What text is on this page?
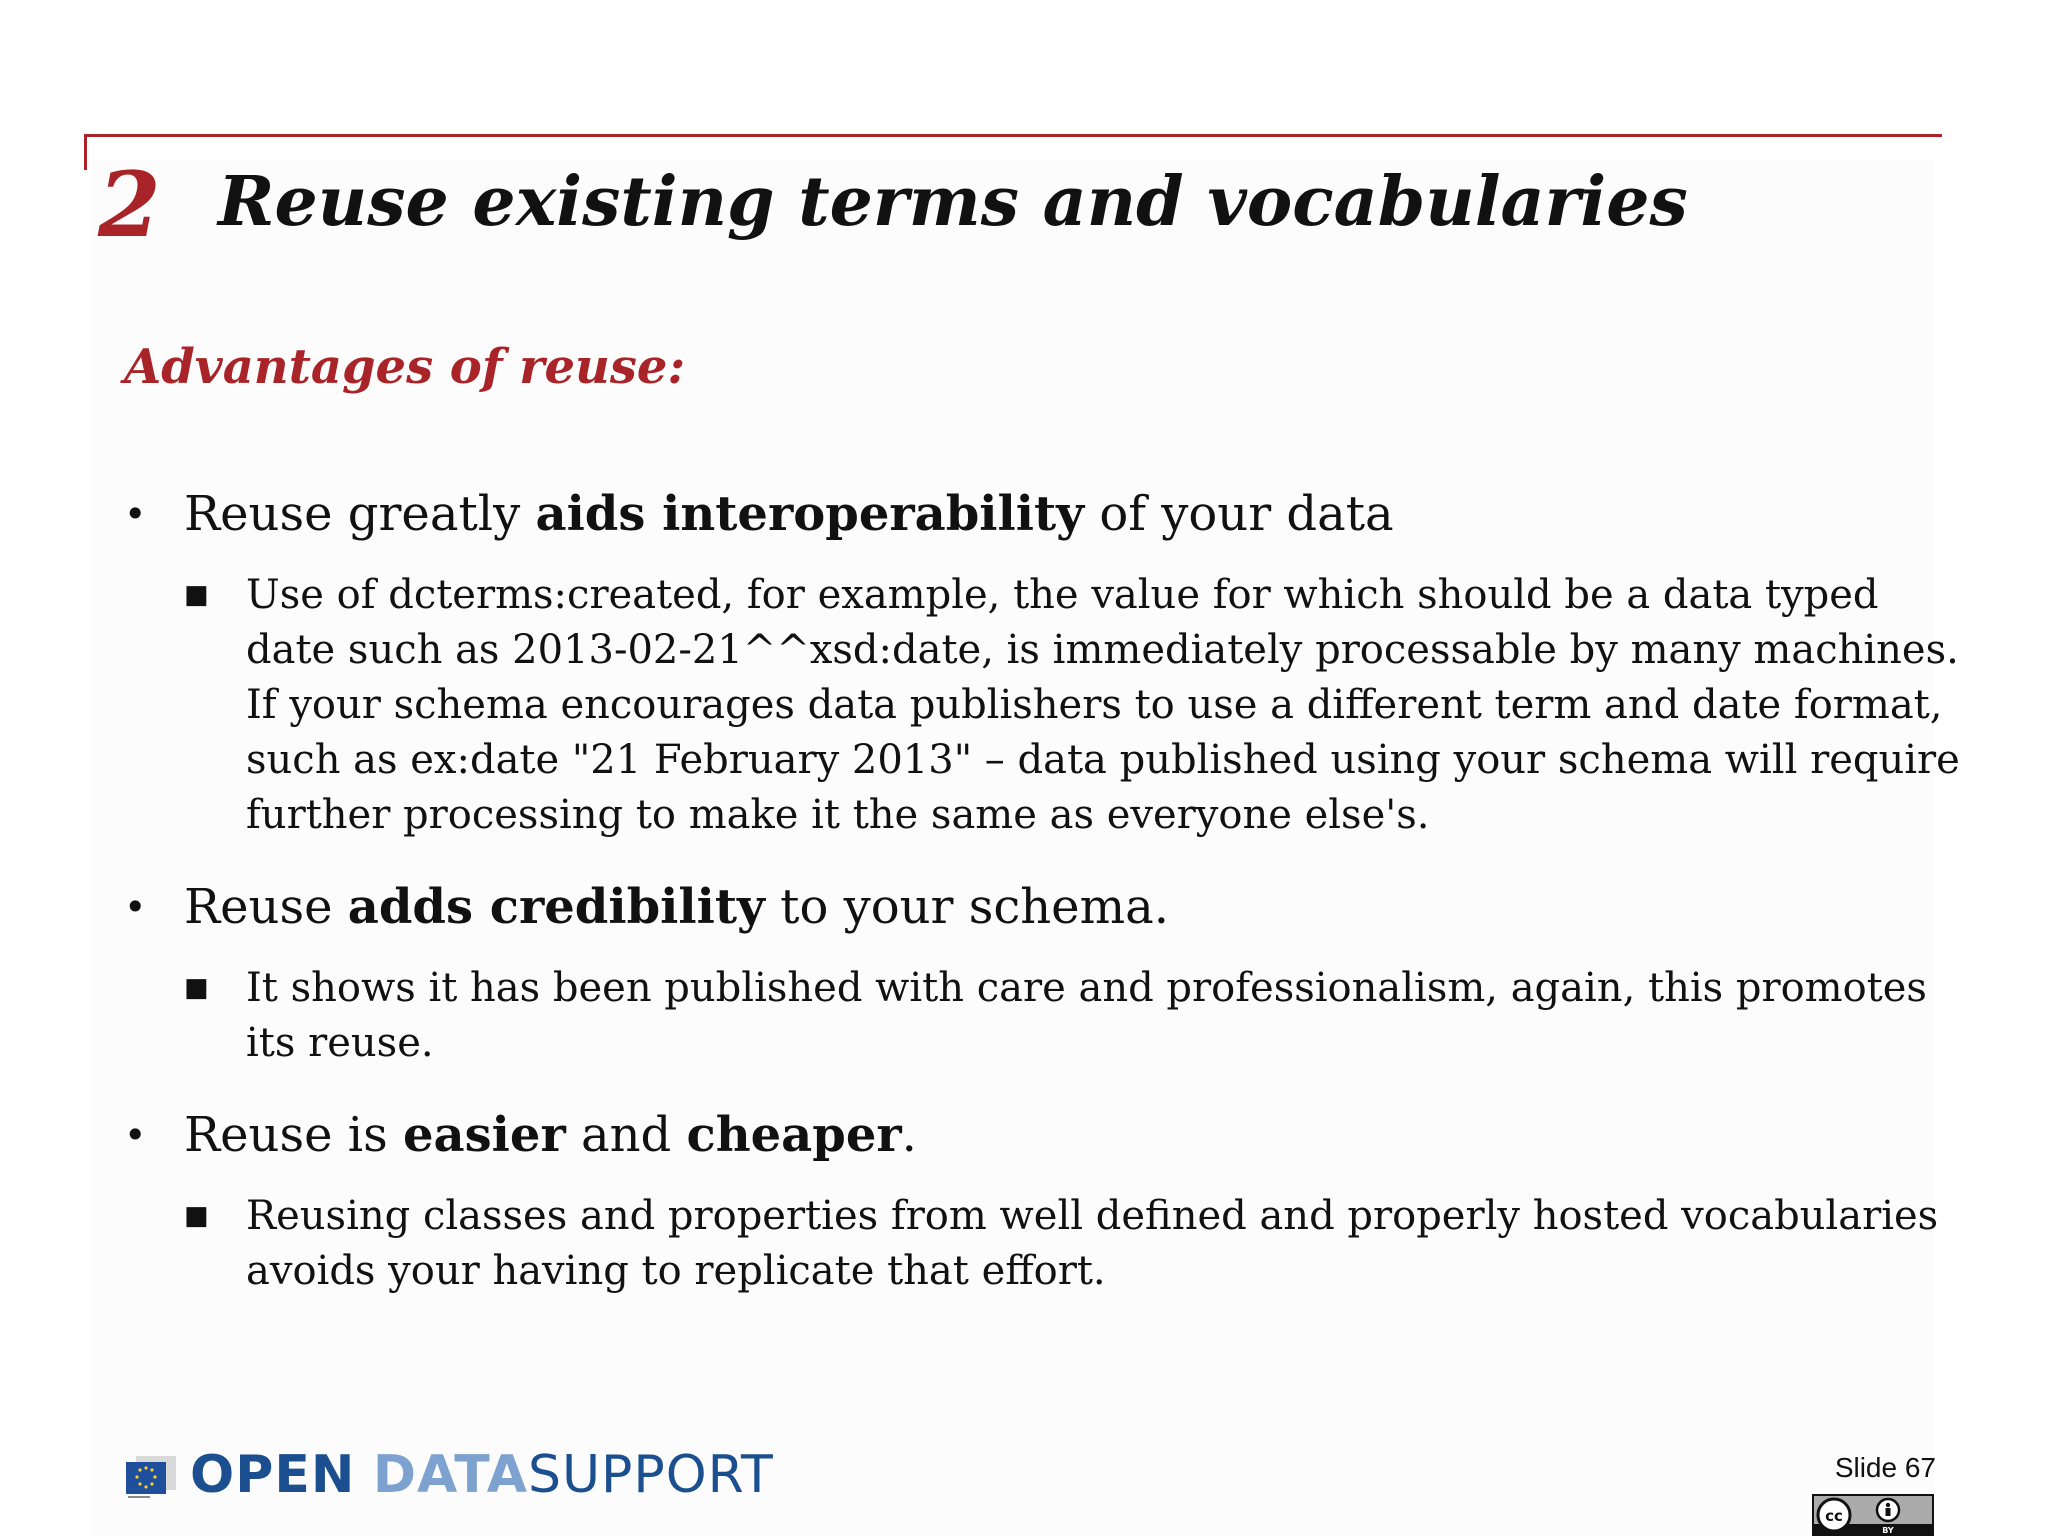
2 Reuse existing terms and vocabularies
Advantages of reuse:
• Reuse greatly aids interoperability of your data

■ Use of dcterms:created, for example, the value for which should be a data typed date such as 2013-02-21^^xsd:date, is immediately processable by many machines. If your schema encourages data publishers to use a different term and date format, such as ex:date "21 February 2013" – data published using your schema will require further processing to make it the same as everyone else's.

• Reuse adds credibility to your schema.

■ It shows it has been published with care and professionalism, again, this promotes its reuse.

• Reuse is easier and cheaper.

■ Reusing classes and properties from well defined and properly hosted vocabularies avoids your having to replicate that effort.

OPEN DATASUPPORT	Slide 67
cc
BY
